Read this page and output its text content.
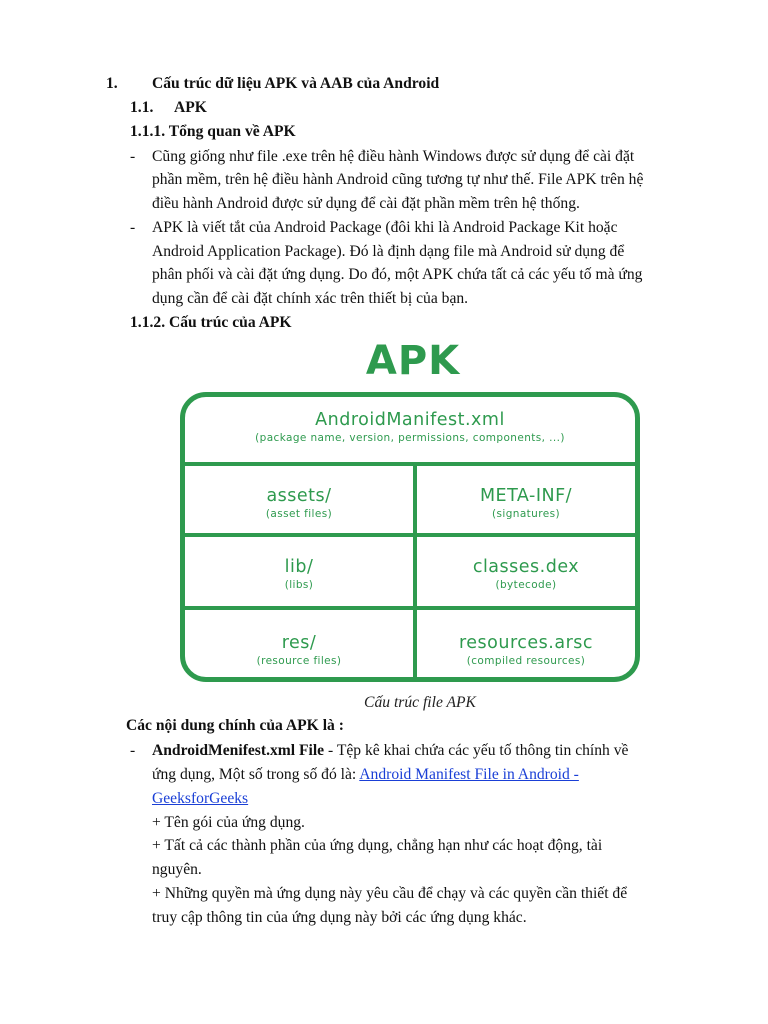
1. Cấu trúc dữ liệu APK và AAB của Android
1.1. APK
1.1.1. Tổng quan về APK
- Cũng giống như file .exe trên hệ điều hành Windows được sử dụng để cài đặt
phần mềm, trên hệ điều hành Android cũng tương tự như thế. File APK trên hệ
điều hành Android được sử dụng để cài đặt phần mềm trên hệ thống.
- APK là viết tắt của Android Package (đôi khi là Android Package Kit hoặc
Android Application Package). Đó là định dạng file mà Android sử dụng để
phân phối và cài đặt ứng dụng. Do đó, một APK chứa tất cả các yếu tố mà ứng
dụng cần để cài đặt chính xác trên thiết bị của bạn.
1.1.2. Cấu trúc của APK
APK
AndroidManifest.xml
(package name, version, permissions, components, ...)
assets/
(asset files)
META-INF/
(signatures)
lib/
(libs)
classes.dex
(bytecode)
res/
(resource files)
resources.arsc
(compiled resources)
Cấu trúc file APK
Các nội dung chính của APK là :
- AndroidMenifest.xml File - Tệp kê khai chứa các yếu tố thông tin chính về
ứng dụng, Một số trong số đó là: Android Manifest File in Android -
GeeksforGeeks
+ Tên gói của ứng dụng.
+ Tất cả các thành phần của ứng dụng, chẳng hạn như các hoạt động, tài
nguyên.
+ Những quyền mà ứng dụng này yêu cầu để chạy và các quyền cần thiết để
truy cập thông tin của ứng dụng này bởi các ứng dụng khác.
